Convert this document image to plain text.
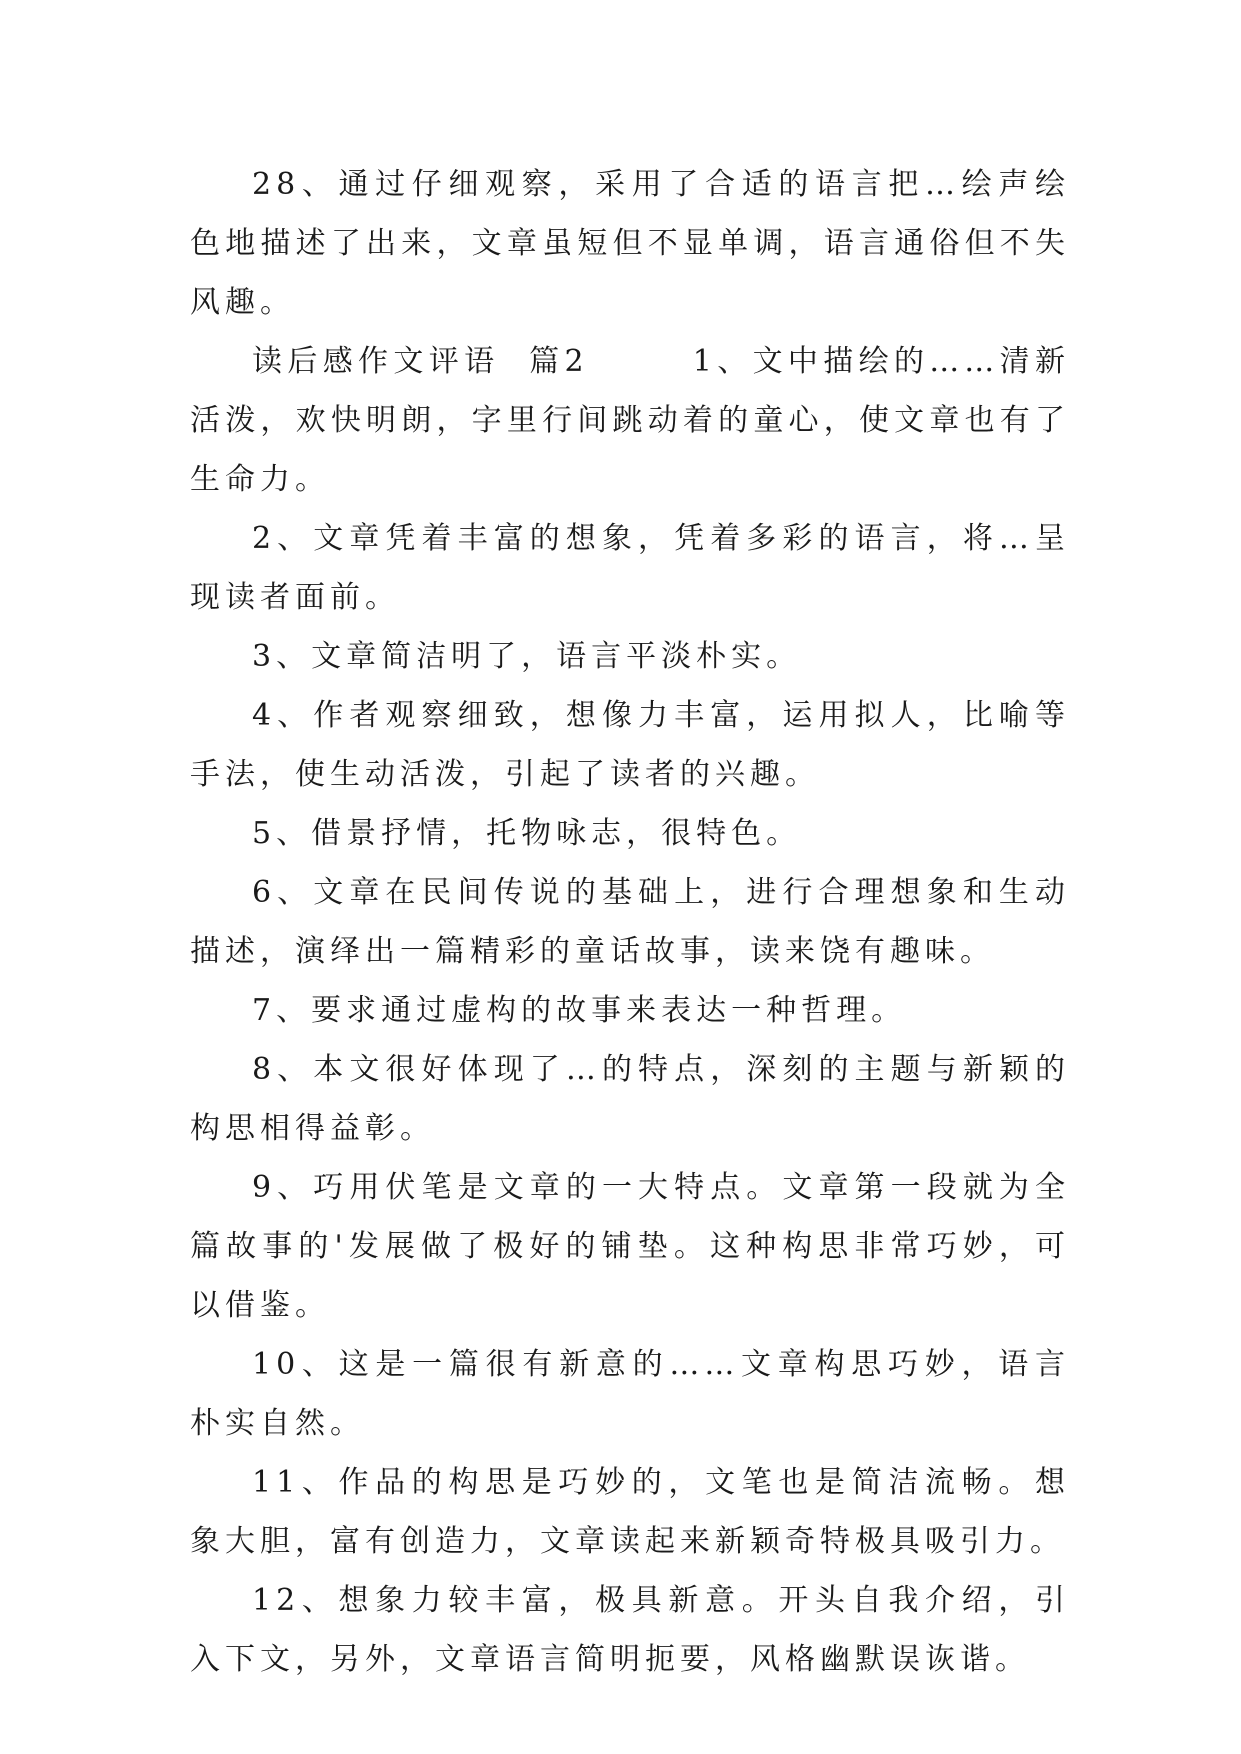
28、通过仔细观察，采用了合适的语言把…绘声绘色地描述了出来，文章虽短但不显单调，语言通俗但不失风趣。

读后感作文评语  篇2       1、文中描绘的……清新活泼，欢快明朗，字里行间跳动着的童心，使文章也有了生命力。

2、文章凭着丰富的想象，凭着多彩的语言，将…呈现读者面前。

3、文章简洁明了，语言平淡朴实。

4、作者观察细致，想像力丰富，运用拟人，比喻等手法，使生动活泼，引起了读者的兴趣。

5、借景抒情，托物咏志，很特色。

6、文章在民间传说的基础上，进行合理想象和生动描述，演绎出一篇精彩的童话故事，读来饶有趣味。

7、要求通过虚构的故事来表达一种哲理。

8、本文很好体现了…的特点，深刻的主题与新颖的构思相得益彰。

9、巧用伏笔是文章的一大特点。文章第一段就为全篇故事的'发展做了极好的铺垫。这种构思非常巧妙，可以借鉴。

10、这是一篇很有新意的……文章构思巧妙，语言朴实自然。

11、作品的构思是巧妙的，文笔也是简洁流畅。想象大胆，富有创造力，文章读起来新颖奇特极具吸引力。

12、想象力较丰富，极具新意。开头自我介绍，引入下文，另外，文章语言简明扼要，风格幽默误诙谐。
